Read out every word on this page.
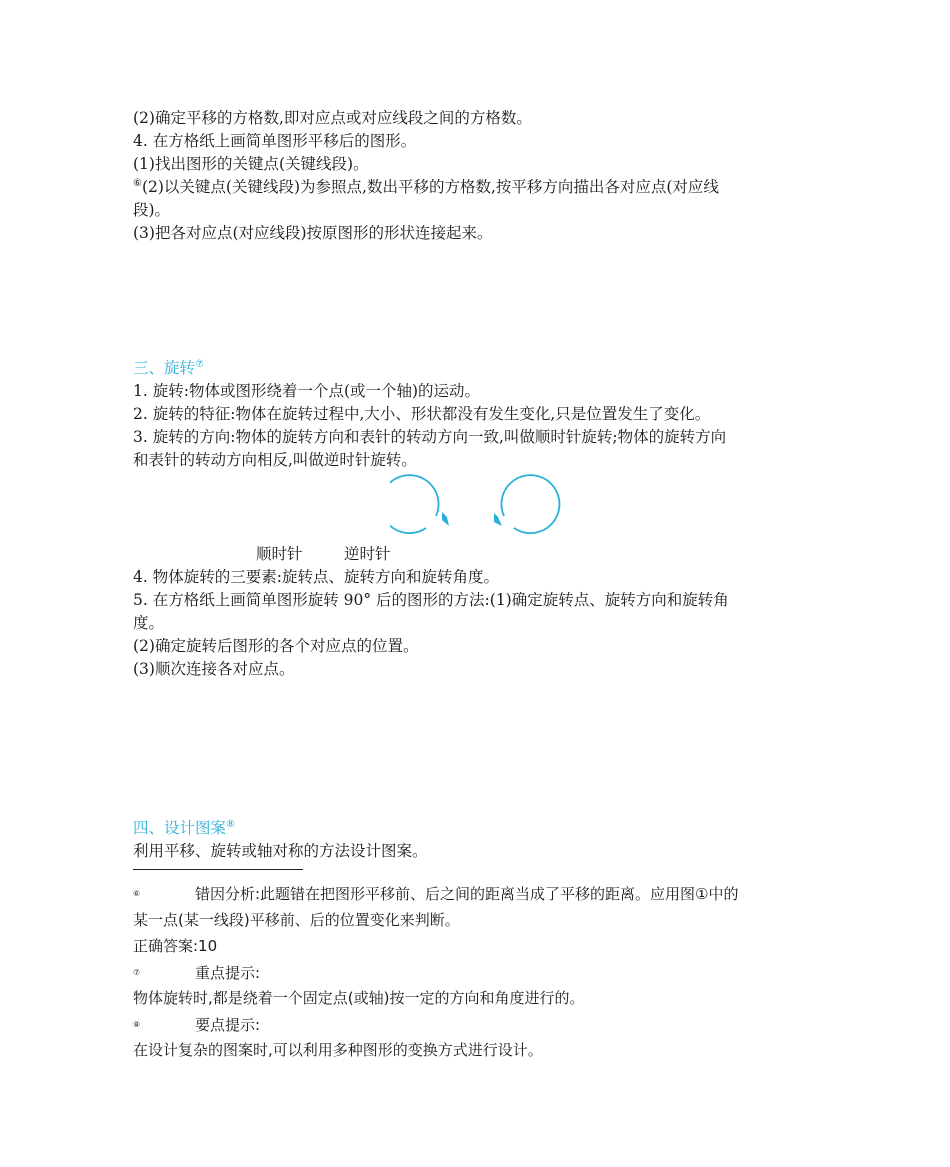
(2)确定平移的方格数,即对应点或对应线段之间的方格数。
4. 在方格纸上画简单图形平移后的图形。
(1)找出图形的关键点(关键线段)。
⑥(2)以关键点(关键线段)为参照点,数出平移的方格数,按平移方向描出各对应点(对应线
段)。
(3)把各对应点(对应线段)按原图形的形状连接起来。
三、旋转⑦
1. 旋转:物体或图形绕着一个点(或一个轴)的运动。
2. 旋转的特征:物体在旋转过程中,大小、形状都没有发生变化,只是位置发生了变化。
3. 旋转的方向:物体的旋转方向和表针的转动方向一致,叫做顺时针旋转;物体的旋转方向
和表针的转动方向相反,叫做逆时针旋转。
顺时针	逆时针
4. 物体旋转的三要素:旋转点、旋转方向和旋转角度。
5. 在方格纸上画简单图形旋转 90° 后的图形的方法:(1)确定旋转点、旋转方向和旋转角
度。
(2)确定旋转后图形的各个对应点的位置。
(3)顺次连接各对应点。
四、设计图案⑧
利用平移、旋转或轴对称的方法设计图案。
⑥	错因分析:此题错在把图形平移前、后之间的距离当成了平移的距离。应用图①中的
某一点(某一线段)平移前、后的位置变化来判断。
正确答案:10
⑦	重点提示:
物体旋转时,都是绕着一个固定点(或轴)按一定的方向和角度进行的。
⑧	要点提示:
在设计复杂的图案时,可以利用多种图形的变换方式进行设计。
